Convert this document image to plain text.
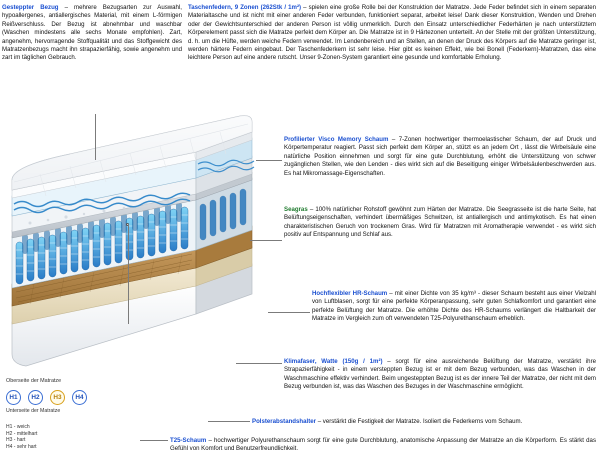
Gesteppter Bezug – mehrere Bezugsarten zur Auswahl, hypoallergenes, antiallergisches Material, mit einem L-förmigen Reißverschluss. Der Bezug ist abnehmbar und waschbar (Waschen mindestens alle sechs Monate empfohlen). Zart, angenehm, hervorragende Stoffqualität und das Stoffgewicht des Matratzenbezugs macht ihn strapazierfähig, sowie angenehm und zart im täglichen Gebrauch.
Taschenfedern, 9 Zonen (262Stk / 1m²) – spielen eine große Rolle bei der Konstruktion der Matratze. Jede Feder befindet sich in einem separaten Materialtasche und ist nicht mit einer anderen Feder verbunden, funktioniert separat, arbeitet leise! Dank dieser Konstruktion, Wenden und Drehen oder der Gewichtsunterschied der anderen Person ist völlig unmerklich. Durch den Einsatz unterschiedlicher Federhärten je nach unterstütztem Körperelement passt sich die Matratze perfekt dem Körper an. Die Matratze ist in 9 Härtezonen unterteilt. An der Stelle mit der größten Unterstützung, d. h. um die Hüfte, werden weiche Federn verwendet. Im Lendenbereich und an Stellen, an denen der Druck des Körpers auf die Matratze geringer ist, werden härtere Federn eingebaut. Der Taschenfederkern ist sehr leise. Hier gibt es keinen Effekt, wie bei Bonell (Federkern)-Matratzen, das eine leichtere Person auf eine andere rutscht. Unser 9-Zonen-System garantiert eine gesunde und komfortable Erholung.
Profilierter Visco Memory Schaum – 7-Zonen hochwertiger thermoelastischer Schaum, der auf Druck und Körpertemperatur reagiert. Passt sich perfekt dem Körper an, stützt es an jedem Ort , lässt die Wirbelsäule eine natürliche Position einnehmen und sorgt für eine gute Durchblutung, erhöht die Unterstützung von schwer zugänglichen Stellen, wie den Lenden - dies wirkt sich auf die Beseitigung einiger Wirbelsäulenbeschwerden aus. Es hat Mikromassage-Eigenschaften.
Seagras – 100% natürlicher Rohstoff gewöhnt zum Härten der Matratze. Die Seegrasseite ist die harte Seite, hat Belüftungseigenschaften, verhindert übermäßiges Schwitzen, ist antiallergisch und antimykotisch. Es hat einen charakteristischen Geruch von trockenem Gras. Wird für Matratzen mit Aromatherapie verwendet - es wirkt sich positiv auf Entspannung und Schlaf aus.
Hochflexibler HR-Schaum – mit einer Dichte von 35 kg/m³ - dieser Schaum besteht aus einer Vielzahl von Luftblasen, sorgt für eine perfekte Körperanpassung, sehr guten Schlafkomfort und garantiert eine perfekte Belüftung der Matratze. Die erhöhte Dichte des HR-Schaums verlängert die Haltbarkeit der Matratze im Vergleich zum oft verwendeten T25-Polyurethanschaum erheblich.
Klimafaser, Watte (150g / 1m²) – sorgt für eine ausreichende Belüftung der Matratze, verstärkt ihre Strapazierfähigkeit - in einem versteppten Bezug ist er mit dem Bezug verbunden, was das Waschen in der Waschmaschine effektiv verhindert. Beim ungesteppten Bezug ist es der innere Teil der Matratze, der nicht mit dem Bezug verbunden ist, was das Waschen des Bezuges in der Waschmaschine ermöglicht.
Polsterabstandshalter – verstärkt die Festigkeit der Matratze. Isoliert die Federkerns vom Schaum.
T25-Schaum – hochwertiger Polyurethanschaum sorgt für eine gute Durchblutung, anatomische Anpassung der Matratze an die Körperform. Es stärkt das Gefühl von Komfort und Benutzerfreundlichkeit.
Oberseite der Matratze
H1	H2	H3	H4
Unterseite der Matratze
H1 - weich
H2 - mittelhart
H3 - hart
H4 - sehr hart
